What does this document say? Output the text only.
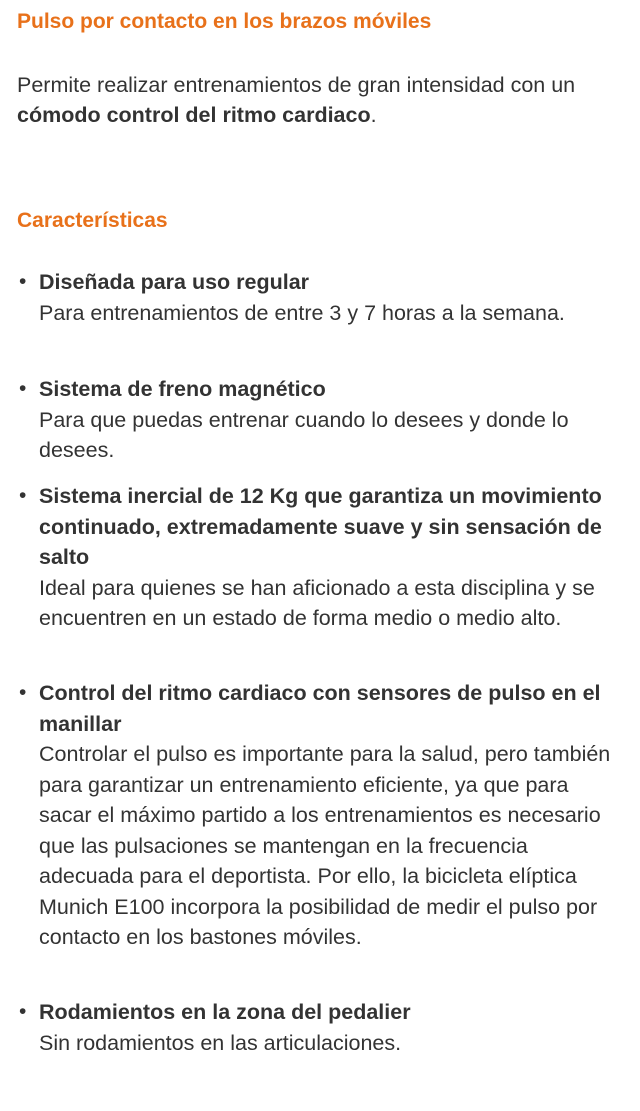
Pulso por contacto en los brazos móviles

Permite realizar entrenamientos de gran intensidad con un cómodo control del ritmo cardiaco.

Características
• Diseñada para uso regular
Para entrenamientos de entre 3 y 7 horas a la semana.
• Sistema de freno magnético
Para que puedas entrenar cuando lo desees y donde lo desees.
• Sistema inercial de 12 Kg que garantiza un movimiento continuado, extremadamente suave y sin sensación de salto
Ideal para quienes se han aficionado a esta disciplina y se encuentren en un estado de forma medio o medio alto.
• Control del ritmo cardiaco con sensores de pulso en el manillar
Controlar el pulso es importante para la salud, pero también para garantizar un entrenamiento eficiente, ya que para sacar el máximo partido a los entrenamientos es necesario que las pulsaciones se mantengan en la frecuencia adecuada para el deportista. Por ello, la bicicleta elíptica Munich E100 incorpora la posibilidad de medir el pulso por contacto en los bastones móviles.
• Rodamientos en la zona del pedalier
Sin rodamientos en las articulaciones.
